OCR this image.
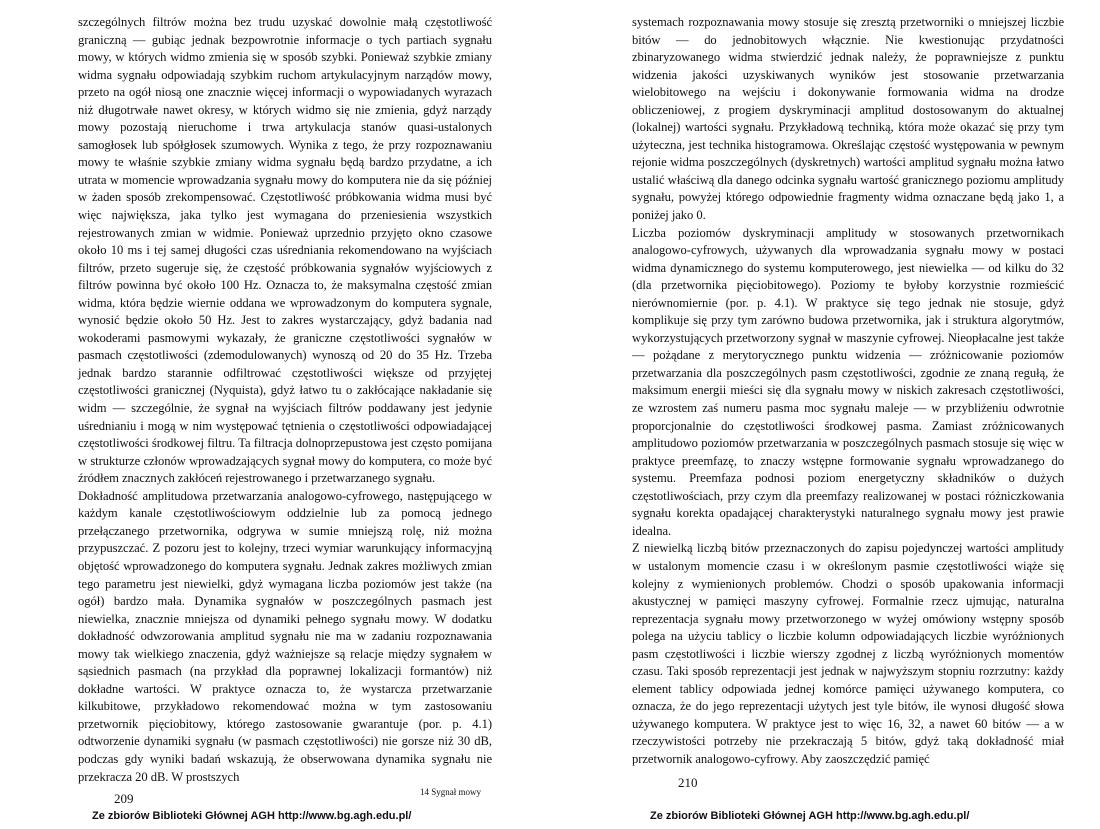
szczególnych filtrów można bez trudu uzyskać dowolnie małą częstotliwość graniczną — gubiąc jednak bezpowrotnie informacje o tych partiach sygnału mowy, w których widmo zmienia się w sposób szybki. Ponieważ szybkie zmiany widma sygnału odpowiadają szybkim ruchom artykulacyjnym narządów mowy, przeto na ogół niosą one znacznie więcej informacji o wypowiadanych wyrazach niż długotrwałe nawet okresy, w których widmo się nie zmienia, gdyż narządy mowy pozostają nieruchome i trwa artykulacja stanów quasi-ustalonych samogłosek lub spółgłosek szumowych. Wynika z tego, że przy rozpoznawaniu mowy te właśnie szybkie zmiany widma sygnału będą bardzo przydatne, a ich utrata w momencie wprowadzania sygnału mowy do komputera nie da się później w żaden sposób zrekompensować. Częstotliwość próbkowania widma musi być więc największa, jaka tylko jest wymagana do przeniesienia wszystkich rejestrowanych zmian w widmie. Ponieważ uprzednio przyjęto okno czasowe około 10 ms i tej samej długości czas uśredniania rekomendowano na wyjściach filtrów, przeto sugeruje się, że częstość próbkowania sygnałów wyjściowych z filtrów powinna być około 100 Hz. Oznacza to, że maksymalna częstość zmian widma, która będzie wiernie oddana we wprowadzonym do komputera sygnale, wynosić będzie około 50 Hz. Jest to zakres wystarczający, gdyż badania nad wokoderami pasmowymi wykazały, że graniczne częstotliwości sygnałów w pasmach częstotliwości (zdemodulowanych) wynoszą od 20 do 35 Hz. Trzeba jednak bardzo starannie odfiltrować częstotliwości większe od przyjętej częstotliwości granicznej (Nyquista), gdyż łatwo tu o zakłócające nakładanie się widm — szczególnie, że sygnał na wyjściach filtrów poddawany jest jedynie uśrednianiu i mogą w nim występować tętnienia o częstotliwości odpowiadającej częstotliwości środkowej filtru. Ta filtracja dolnoprzepustowa jest często pomijana w strukturze członów wprowadzających sygnał mowy do komputera, co może być źródłem znacznych zakłóceń rejestrowanego i przetwarzanego sygnału.

Dokładność amplitudowa przetwarzania analogowo-cyfrowego, następującego w każdym kanale częstotliwościowym oddzielnie lub za pomocą jednego przełączanego przetwornika, odgrywa w sumie mniejszą rolę, niż można przypuszczać. Z pozoru jest to kolejny, trzeci wymiar warunkujący informacyjną objętość wprowadzonego do komputera sygnału. Jednak zakres możliwych zmian tego parametru jest niewielki, gdyż wymagana liczba poziomów jest także (na ogół) bardzo mała. Dynamika sygnałów w poszczególnych pasmach jest niewielka, znacznie mniejsza od dynamiki pełnego sygnału mowy. W dodatku dokładność odwzorowania amplitud sygnału nie ma w zadaniu rozpoznawania mowy tak wielkiego znaczenia, gdyż ważniejsze są relacje między sygnałem w sąsiednich pasmach (na przykład dla poprawnej lokalizacji formantów) niż dokładne wartości. W praktyce oznacza to, że wystarcza przetwarzanie kilkubitowe, przykładowo rekomendować można w tym zastosowaniu przetwornik pięciobitowy, którego zastosowanie gwarantuje (por. p. 4.1) odtworzenie dynamiki sygnału (w pasmach częstotliwości) nie gorsze niż 30 dB, podczas gdy wyniki badań wskazują, że obserwowana dynamika sygnału nie przekracza 20 dB. W prostszych

209	14 Sygnał mowy
Ze zbiorów Biblioteki Głównej AGH http://www.bg.agh.edu.pl/

systemach rozpoznawania mowy stosuje się zresztą przetworniki o mniejszej liczbie bitów — do jednobitowych włącznie. Nie kwestionując przydatności zbinaryzowanego widma stwierdzić jednak należy, że poprawniejsze z punktu widzenia jakości uzyskiwanych wyników jest stosowanie przetwarzania wielobitowego na wejściu i dokonywanie formowania widma na drodze obliczeniowej, z progiem dyskryminacji amplitud dostosowanym do aktualnej (lokalnej) wartości sygnału. Przykładową techniką, która może okazać się przy tym użyteczna, jest technika histogramowa. Określając częstość występowania w pewnym rejonie widma poszczególnych (dyskretnych) wartości amplitud sygnału można łatwo ustalić właściwą dla danego odcinka sygnału wartość granicznego poziomu amplitudy sygnału, powyżej którego odpowiednie fragmenty widma oznaczane będą jako 1, a poniżej jako 0.

Liczba poziomów dyskryminacji amplitudy w stosowanych przetwornikach analogowo-cyfrowych, używanych dla wprowadzania sygnału mowy w postaci widma dynamicznego do systemu komputerowego, jest niewielka — od kilku do 32 (dla przetwornika pięciobitowego). Poziomy te byłoby korzystnie rozmieścić nierównomiernie (por. p. 4.1). W praktyce się tego jednak nie stosuje, gdyż komplikuje się przy tym zarówno budowa przetwornika, jak i struktura algorytmów, wykorzystujących przetworzony sygnał w maszynie cyfrowej. Nieopłacalne jest także — pożądane z merytorycznego punktu widzenia — zróżnicowanie poziomów przetwarzania dla poszczególnych pasm częstotliwości, zgodnie ze znaną regułą, że maksimum energii mieści się dla sygnału mowy w niskich zakresach częstotliwości, ze wzrostem zaś numeru pasma moc sygnału maleje — w przybliżeniu odwrotnie proporcjonalnie do częstotliwości środkowej pasma. Zamiast zróżnicowanych amplitudowo poziomów przetwarzania w poszczególnych pasmach stosuje się więc w praktyce preemfazę, to znaczy wstępne formowanie sygnału wprowadzanego do systemu. Preemfaza podnosi poziom energetyczny składników o dużych częstotliwościach, przy czym dla preemfazy realizowanej w postaci różniczkowania sygnału korekta opadającej charakterystyki naturalnego sygnału mowy jest prawie idealna.

Z niewielką liczbą bitów przeznaczonych do zapisu pojedynczej wartości amplitudy w ustalonym momencie czasu i w określonym pasmie częstotliwości wiąże się kolejny z wymienionych problemów. Chodzi o sposób upakowania informacji akustycznej w pamięci maszyny cyfrowej. Formalnie rzecz ujmując, naturalna reprezentacja sygnału mowy przetworzonego w wyżej omówiony wstępny sposób polega na użyciu tablicy o liczbie kolumn odpowiadających liczbie wyróżnionych pasm częstotliwości i liczbie wierszy zgodnej z liczbą wyróżnionych momentów czasu. Taki sposób reprezentacji jest jednak w najwyższym stopniu rozrzutny: każdy element tablicy odpowiada jednej komórce pamięci używanego komputera, co oznacza, że do jego reprezentacji użytych jest tyle bitów, ile wynosi długość słowa używanego komputera. W praktyce jest to więc 16, 32, a nawet 60 bitów — a w rzeczywistości potrzeby nie przekraczają 5 bitów, gdyż taką dokładność miał przetwornik analogowo-cyfrowy. Aby zaoszczędzić pamięć

210
Ze zbiorów Biblioteki Głównej AGH http://www.bg.agh.edu.pl/
